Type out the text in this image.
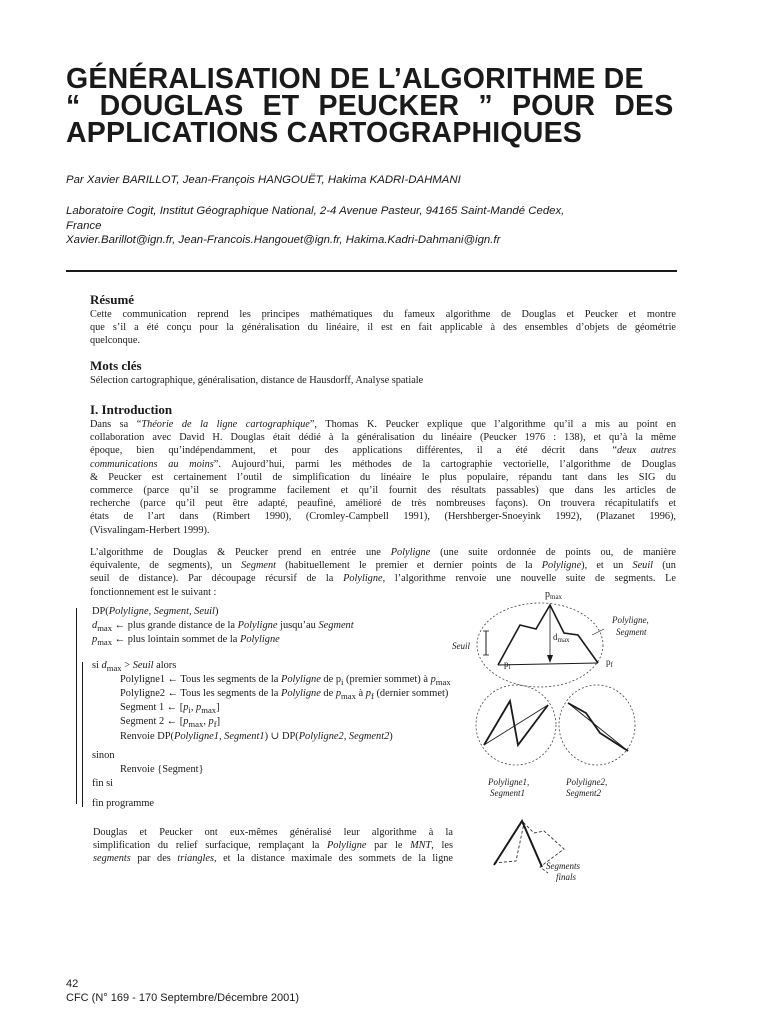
GÉNÉRALISATION DE L’ALGORITHME DE
“ DOUGLAS ET PEUCKER ” POUR DES
APPLICATIONS CARTOGRAPHIQUES
Par Xavier BARILLOT, Jean-François HANGOUËT, Hakima KADRI-DAHMANI
Laboratoire Cogit, Institut Géographique National, 2-4 Avenue Pasteur, 94165 Saint-Mandé Cedex,
France
Xavier.Barillot@ign.fr, Jean-Francois.Hangouet@ign.fr, Hakima.Kadri-Dahmani@ign.fr
Résumé
Cette communication reprend les principes mathématiques du fameux algorithme de Douglas et Peucker et montre
que s’il a été conçu pour la généralisation du linéaire, il est en fait applicable à des ensembles d’objets de géométrie
quelconque.
Mots clés
Sélection cartographique, généralisation, distance de Hausdorff, Analyse spatiale
I. Introduction
Dans sa “Théorie de la ligne cartographique”, Thomas K. Peucker explique que l’algorithme qu’il a mis au point en
collaboration avec David H. Douglas était dédié à la généralisation du linéaire (Peucker 1976 : 138), et qu’à la même
époque, bien qu’indépendamment, et pour des applications différentes, il a été décrit dans “deux autres
communications au moins”. Aujourd’hui, parmi les méthodes de la cartographie vectorielle, l’algorithme de Douglas
& Peucker est certainement l’outil de simplification du linéaire le plus populaire, répandu tant dans les SIG du
commerce (parce qu’il se programme facilement et qu’il fournit des résultats passables) que dans les articles de
recherche (parce qu’il peut être adapté, peaufiné, amélioré de très nombreuses façons). On trouvera récapitulatifs et
états de l’art dans (Rimbert 1990), (Cromley-Campbell 1991), (Hershberger-Snoeyink 1992), (Plazanet 1996),
(Visvalingam-Herbert 1999).
L’algorithme de Douglas & Peucker prend en entrée une Polyligne (une suite ordonnée de points ou, de manière
équivalente, de segments), un Segment (habituellement le premier et dernier points de la Polyligne), et un Seuil (un
seuil de distance). Par découpage récursif de la Polyligne, l’algorithme renvoie une nouvelle suite de segments. Le
fonctionnement est le suivant :
DP(Polyligne, Segment, Seuil)
$d_{max}$ ← plus grande distance de la Polyligne jusqu’au Segment
$p_{max}$ ← plus lointain sommet de la Polyligne
si $d_{max}$ > Seuil alors
Polyligne1 ← Tous les segments de la Polyligne de $p_i$ (premier sommet) à $p_{max}$
Polyligne2 ← Tous les segments de la Polyligne de $p_{max}$ à $p_f$ (dernier sommet)
Segment 1 ← [$p_i$, $p_{max}$]
Segment 2 ← [$p_{max}$, $p_f$]
Renvoie DP(Polyligne1, Segment1) ∪ DP(Polyligne2, Segment2)
sinon
Renvoie {Segment}
fin si
fin programme
$p_{max}$
$d_{max}$
$p_i$	$p_f$
Seuil
Polyligne,
Segment
Polyligne1,
Segment1
Polyligne2,
Segment2
Segments
finals
Douglas et Peucker ont eux-mêmes généralisé leur algorithme à la
simplification du relief surfacique, remplaçant la Polyligne par le MNT, les
segments par des triangles, et la distance maximale des sommets de la ligne
42
CFC (N° 169 - 170 Septembre/Décembre 2001)
